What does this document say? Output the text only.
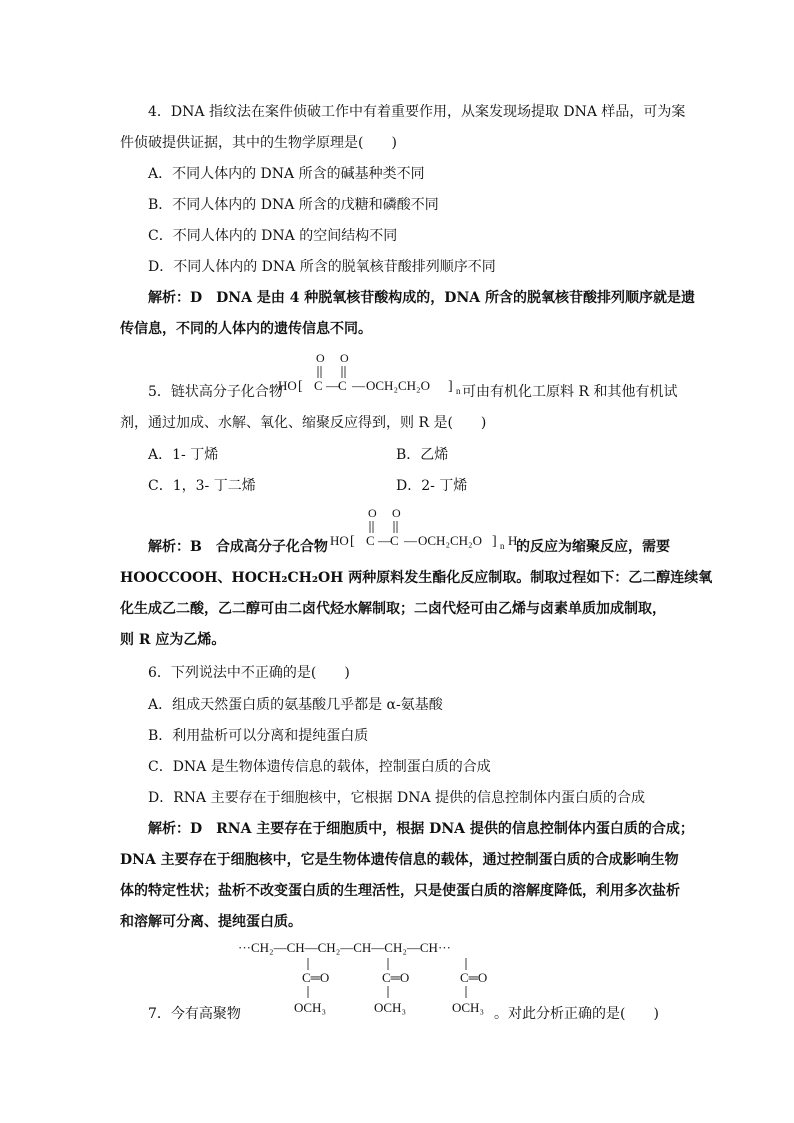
4．DNA 指纹法在案件侦破工作中有着重要作用，从案发现场提取 DNA 样品，可为案
件侦破提供证据，其中的生物学原理是(　　)
A．不同人体内的 DNA 所含的碱基种类不同
B．不同人体内的 DNA 所含的戊糖和磷酸不同
C．不同人体内的 DNA 的空间结构不同
D．不同人体内的 DNA 所含的脱氧核苷酸排列顺序不同
解析：D　DNA 是由 4 种脱氧核苷酸构成的，DNA 所含的脱氧核苷酸排列顺序就是遗
传信息，不同的人体内的遗传信息不同。
5．链状高分子化合物
O O
HO [ C — C — OCH₂CH₂O ] n 可由有机化工原料 R 和其他有机试
剂，通过加成、水解、氧化、缩聚反应得到，则 R 是(　　)
A．1- 丁烯	B．乙烯
C．1，3- 丁二烯	D．2- 丁烯
解析：B　合成高分子化合物
O O
HO [ C — C — OCH₂CH₂O ] n H
的反应为缩聚反应，需要
HOOCCOOH、HOCH₂CH₂OH 两种原料发生酯化反应制取。制取过程如下：乙二醇连续氧
化生成乙二酸，乙二醇可由二卤代烃水解制取；二卤代烃可由乙烯与卤素单质加成制取，
则 R 应为乙烯。
6．下列说法中不正确的是(　　)
A．组成天然蛋白质的氨基酸几乎都是 α-氨基酸
B．利用盐析可以分离和提纯蛋白质
C．DNA 是生物体遗传信息的载体，控制蛋白质的合成
D．RNA 主要存在于细胞核中，它根据 DNA 提供的信息控制体内蛋白质的合成
解析：D　RNA 主要存在于细胞质中，根据 DNA 提供的信息控制体内蛋白质的合成；
DNA 主要存在于细胞核中，它是生物体遗传信息的载体，通过控制蛋白质的合成影响生物
体的特定性状；盐析不改变蛋白质的生理活性，只是使蛋白质的溶解度降低，利用多次盐析
和溶解可分离、提纯蛋白质。
···CH₂—CH—CH₂—CH—CH₂—CH···
C═O	C═O	C═O
OCH₃	OCH₃	OCH₃
7．今有高聚物	。对此分析正确的是(　　)
